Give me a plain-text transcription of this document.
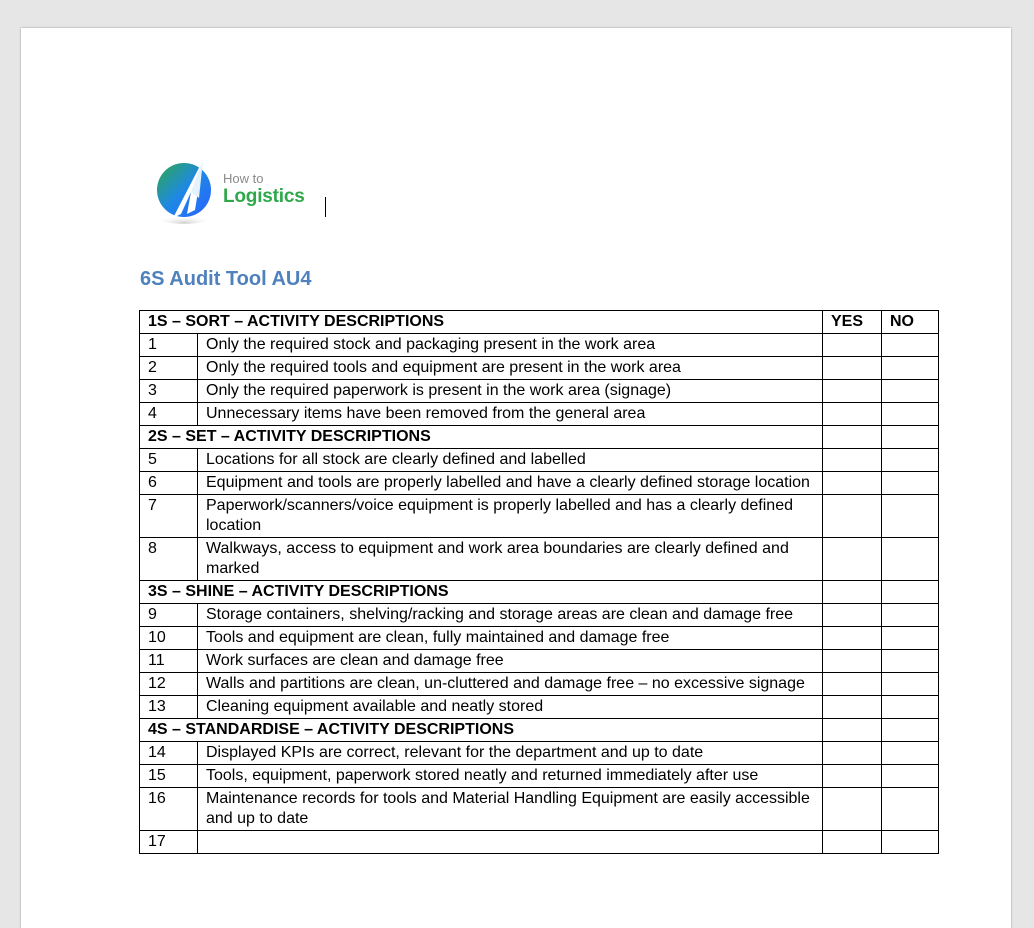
How to
Logistics
6S Audit Tool AU4
1S – SORT – ACTIVITY DESCRIPTIONS		YES	NO
1	Only the required stock and packaging present in the work area		
2	Only the required tools and equipment are present in the work area		
3	Only the required paperwork is present in the work area (signage)		
4	Unnecessary items have been removed from the general area		
2S – SET – ACTIVITY DESCRIPTIONS			
5	Locations for all stock are clearly defined and labelled		
6	Equipment and tools are properly labelled and have a clearly defined storage location		
7	Paperwork/scanners/voice equipment is properly labelled and has a clearly defined location		
8	Walkways, access to equipment and work area boundaries are clearly defined and marked		
3S – SHINE – ACTIVITY DESCRIPTIONS			
9	Storage containers, shelving/racking and storage areas are clean and damage free		
10	Tools and equipment are clean, fully maintained and damage free		
11	Work surfaces are clean and damage free		
12	Walls and partitions are clean, un-cluttered and damage free – no excessive signage		
13	Cleaning equipment available and neatly stored		
4S – STANDARDISE – ACTIVITY DESCRIPTIONS			
14	Displayed KPIs are correct, relevant for the department and up to date		
15	Tools, equipment, paperwork stored neatly and returned immediately after use		
16	Maintenance records for tools and Material Handling Equipment are easily accessible and up to date		
17			
